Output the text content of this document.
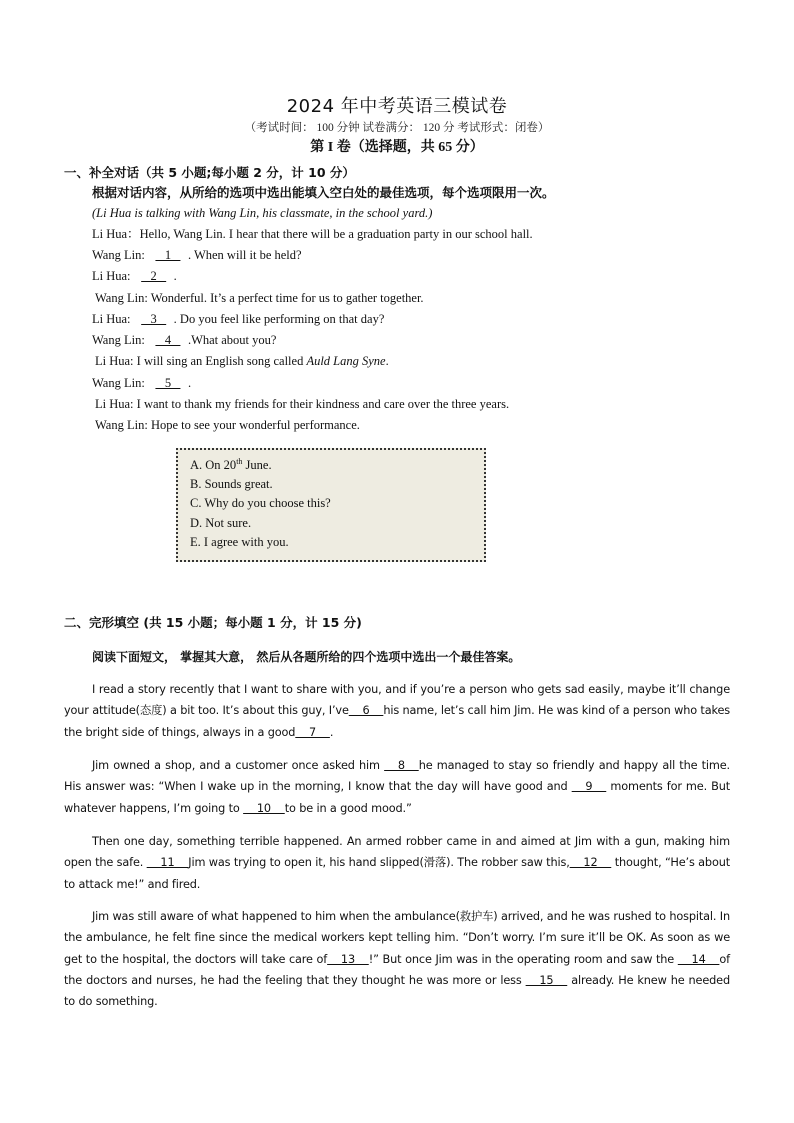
2024 年中考英语三模试卷
（考试时间： 100 分钟 试卷满分： 120 分 考试形式：闭卷）
第 I 卷（选择题，共 65 分）
一、补全对话（共 5 小题;每小题 2 分，计 10 分）
根据对话内容，从所给的选项中选出能填入空白处的最佳选项，每个选项限用一次。
(Li Hua is talking with Wang Lin, his classmate, in the school yard.)
Li Hua：Hello, Wang Lin. I hear that there will be a graduation party in our school hall.
Wang Lin:    1   . When will it be held?
Li Hua:    2   .
Wang Lin: Wonderful. It’s a perfect time for us to gather together.
Li Hua:    3   . Do you feel like performing on that day?
Wang Lin:    4   .What about you?
Li Hua: I will sing an English song called Auld Lang Syne.
Wang Lin:    5   .
Li Hua: I want to thank my friends for their kindness and care over the three years.
Wang Lin: Hope to see your wonderful performance.
A. On 20th June.
B. Sounds great.
C. Why do you choose this?
D. Not sure.
E. I agree with you.
二、完形填空 (共 15 小题；每小题 1 分，计 15 分)
阅读下面短文， 掌握其大意， 然后从各题所给的四个选项中选出一个最佳答案。
I read a story recently that I want to share with you, and if you’re a person who gets sad easily, maybe it’ll change your attitude(态度) a bit too. It’s about this guy, I’ve    6    his name, let’s call him Jim. He was kind of a person who takes the bright side of things, always in a good    7    .
Jim owned a shop, and a customer once asked him     8    he managed to stay so friendly and happy all the time. His answer was: “When I wake up in the morning, I know that the day will have good and     9     moments for me. But whatever happens, I’m going to     10    to be in a good mood.”
Then one day, something terrible happened. An armed robber came in and aimed at Jim with a gun, making him open the safe.     11    Jim was trying to open it, his hand slipped(滑落). The robber saw this,    12     thought, “He’s about to attack me!” and fired.
Jim was still aware of what happened to him when the ambulance(救护车) arrived, and he was rushed to hospital. In the ambulance, he felt fine since the medical workers kept telling him. “Don’t worry. I’m sure it’ll be OK. As soon as we get to the hospital, the doctors will take care of    13    !” But once Jim was in the operating room and saw the     14    of the doctors and nurses, he had the feeling that they thought he was more or less     15     already. He knew he needed to do something.
